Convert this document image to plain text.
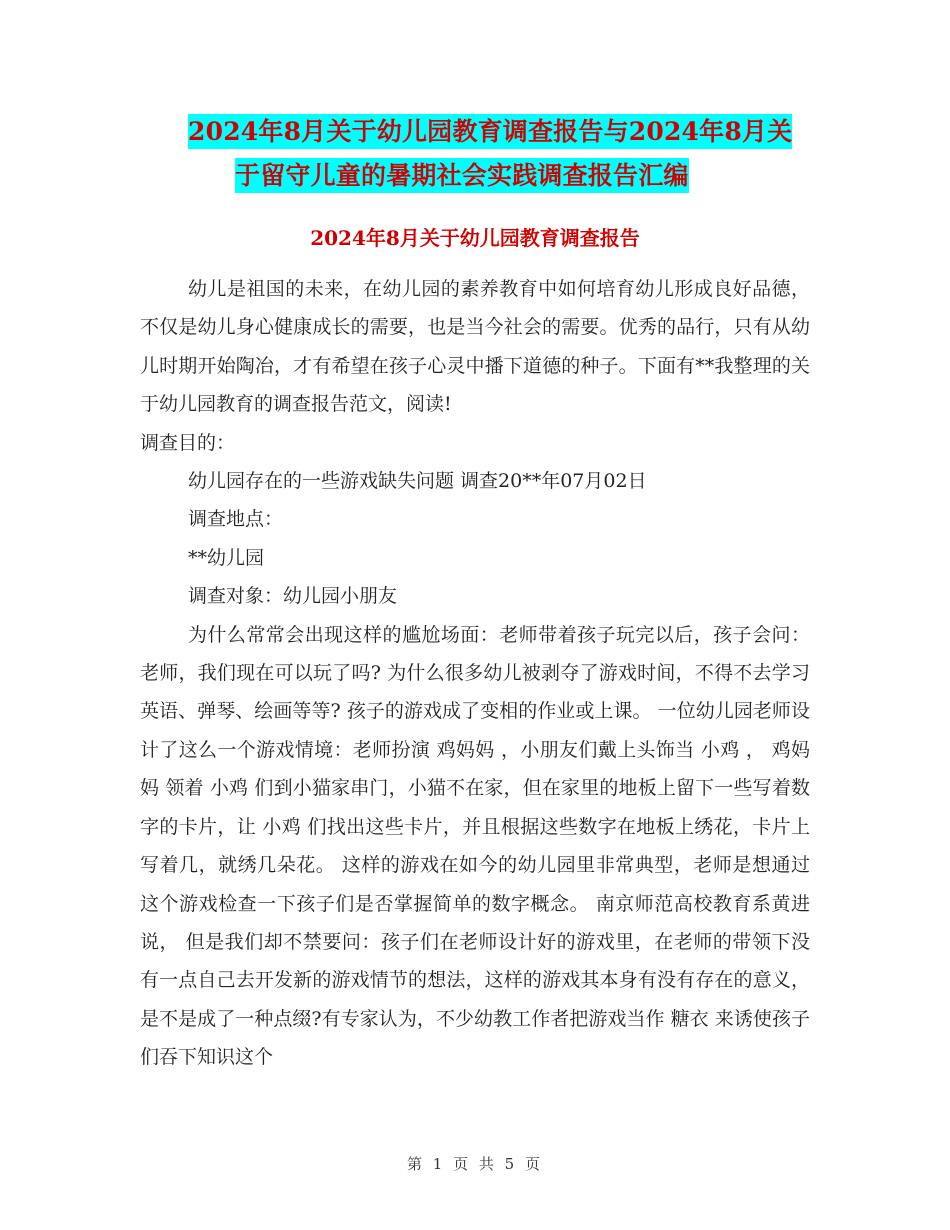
2024年8月关于幼儿园教育调查报告与2024年8月关
于留守儿童的暑期社会实践调查报告汇编
2024年8月关于幼儿园教育调查报告

幼儿是祖国的未来，在幼儿园的素养教育中如何培育幼儿形成良好品德，不仅是幼儿身心健康成长的需要，也是当今社会的需要。优秀的品行，只有从幼儿时期开始陶冶，才有希望在孩子心灵中播下道德的种子。下面有**我整理的关于幼儿园教育的调查报告范文，阅读!

调查目的：
幼儿园存在的一些游戏缺失问题 调查20**年07月02日
调查地点：
**幼儿园
调查对象：幼儿园小朋友

为什么常常会出现这样的尴尬场面：老师带着孩子玩完以后，孩子会问：老师，我们现在可以玩了吗? 为什么很多幼儿被剥夺了游戏时间，不得不去学习英语、弹琴、绘画等等? 孩子的游戏成了变相的作业或上课。 一位幼儿园老师设计了这么一个游戏情境：老师扮演 鸡妈妈 ，小朋友们戴上头饰当 小鸡 ， 鸡妈妈 领着 小鸡 们到小猫家串门，小猫不在家，但在家里的地板上留下一些写着数字的卡片，让 小鸡 们找出这些卡片，并且根据这些数字在地板上绣花，卡片上写着几，就绣几朵花。 这样的游戏在如今的幼儿园里非常典型，老师是想通过这个游戏检查一下孩子们是否掌握简单的数字概念。 南京师范高校教育系黄进说， 但是我们却不禁要问：孩子们在老师设计好的游戏里，在老师的带领下没有一点自己去开发新的游戏情节的想法，这样的游戏其本身有没有存在的意义，是不是成了一种点缀?有专家认为，不少幼教工作者把游戏当作 糖衣 来诱使孩子们吞下知识这个

第 1 页 共 5 页
